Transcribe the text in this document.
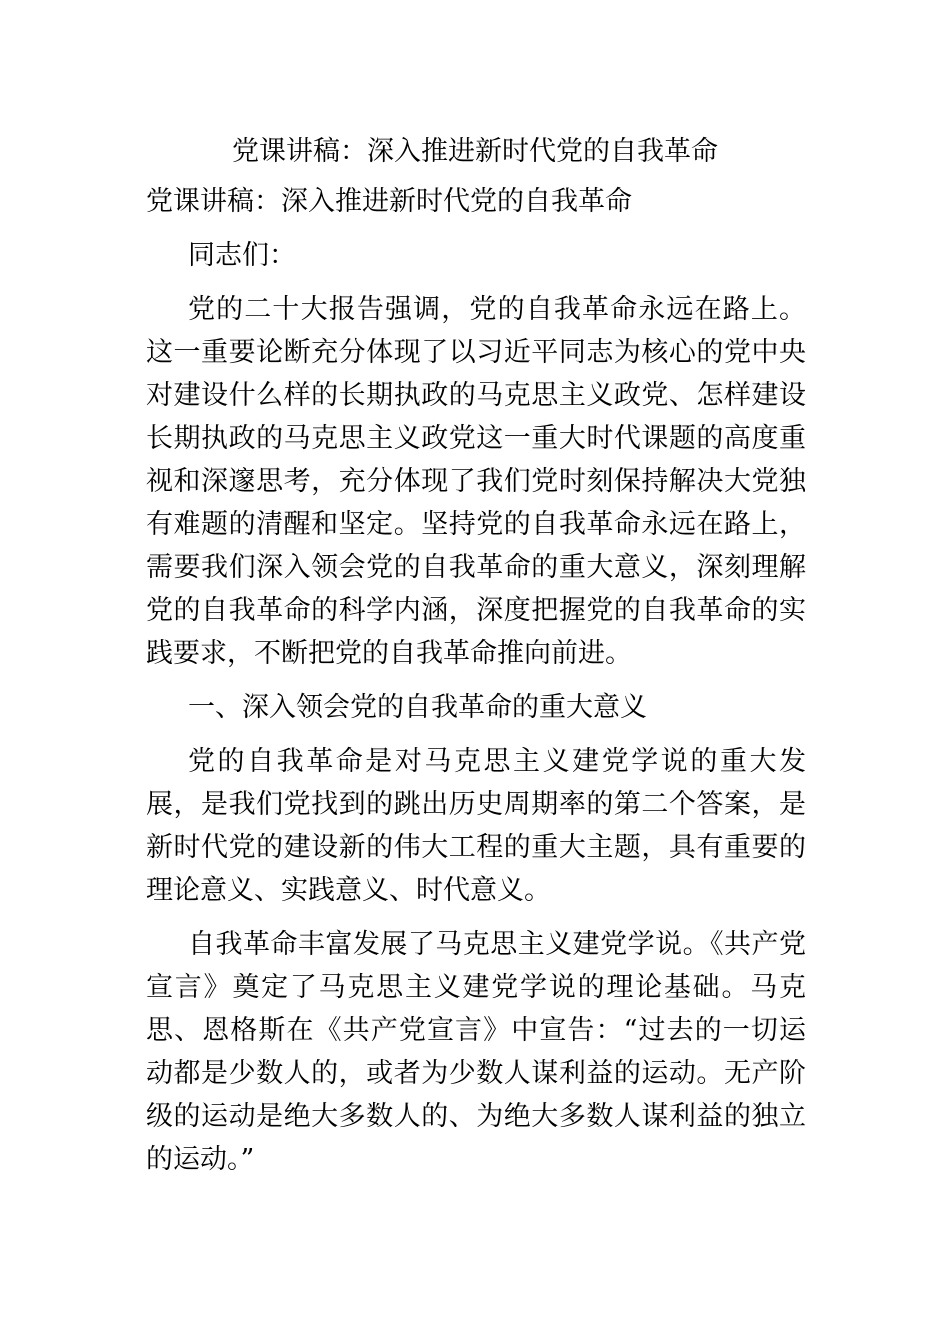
党课讲稿：深入推进新时代党的自我革命

党课讲稿：深入推进新时代党的自我革命

同志们：

党的二十大报告强调，党的自我革命永远在路上。这一重要论断充分体现了以习近平同志为核心的党中央对建设什么样的长期执政的马克思主义政党、怎样建设长期执政的马克思主义政党这一重大时代课题的高度重视和深邃思考，充分体现了我们党时刻保持解决大党独有难题的清醒和坚定。坚持党的自我革命永远在路上，需要我们深入领会党的自我革命的重大意义，深刻理解党的自我革命的科学内涵，深度把握党的自我革命的实践要求，不断把党的自我革命推向前进。

一、深入领会党的自我革命的重大意义

党的自我革命是对马克思主义建党学说的重大发展，是我们党找到的跳出历史周期率的第二个答案，是新时代党的建设新的伟大工程的重大主题，具有重要的理论意义、实践意义、时代意义。

自我革命丰富发展了马克思主义建党学说。《共产党宣言》奠定了马克思主义建党学说的理论基础。马克思、恩格斯在《共产党宣言》中宣告：“过去的一切运动都是少数人的，或者为少数人谋利益的运动。无产阶级的运动是绝大多数人的、为绝大多数人谋利益的独立的运动。”
